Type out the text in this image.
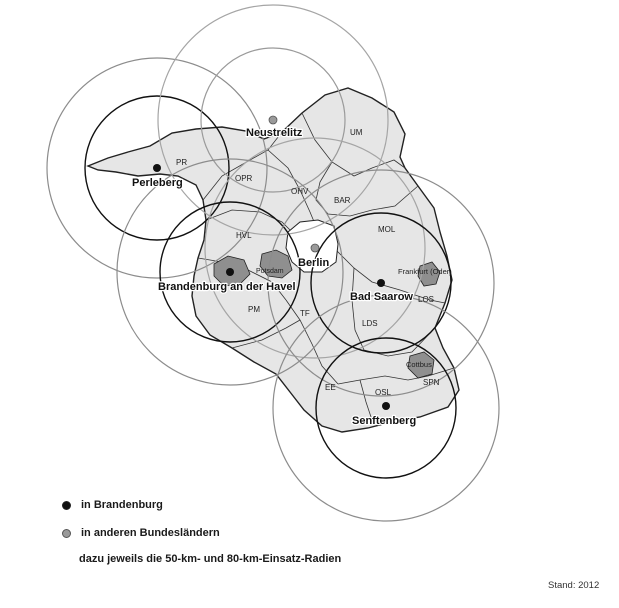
PR
OPR
UM
OHV
BAR
HVL
MOL
PM	TF
LOS
LDS
EE
OSL
SPN
Potsdam	Frankfurt (Oder)
Cottbus
Perleberg
Neustrelitz
Berlin
Brandenburg an der Havel
Bad Saarow
Senftenberg
in Brandenburg
in anderen Bundesländern
dazu jeweils die 50-km- und 80-km-Einsatz-Radien
Stand: 2012
